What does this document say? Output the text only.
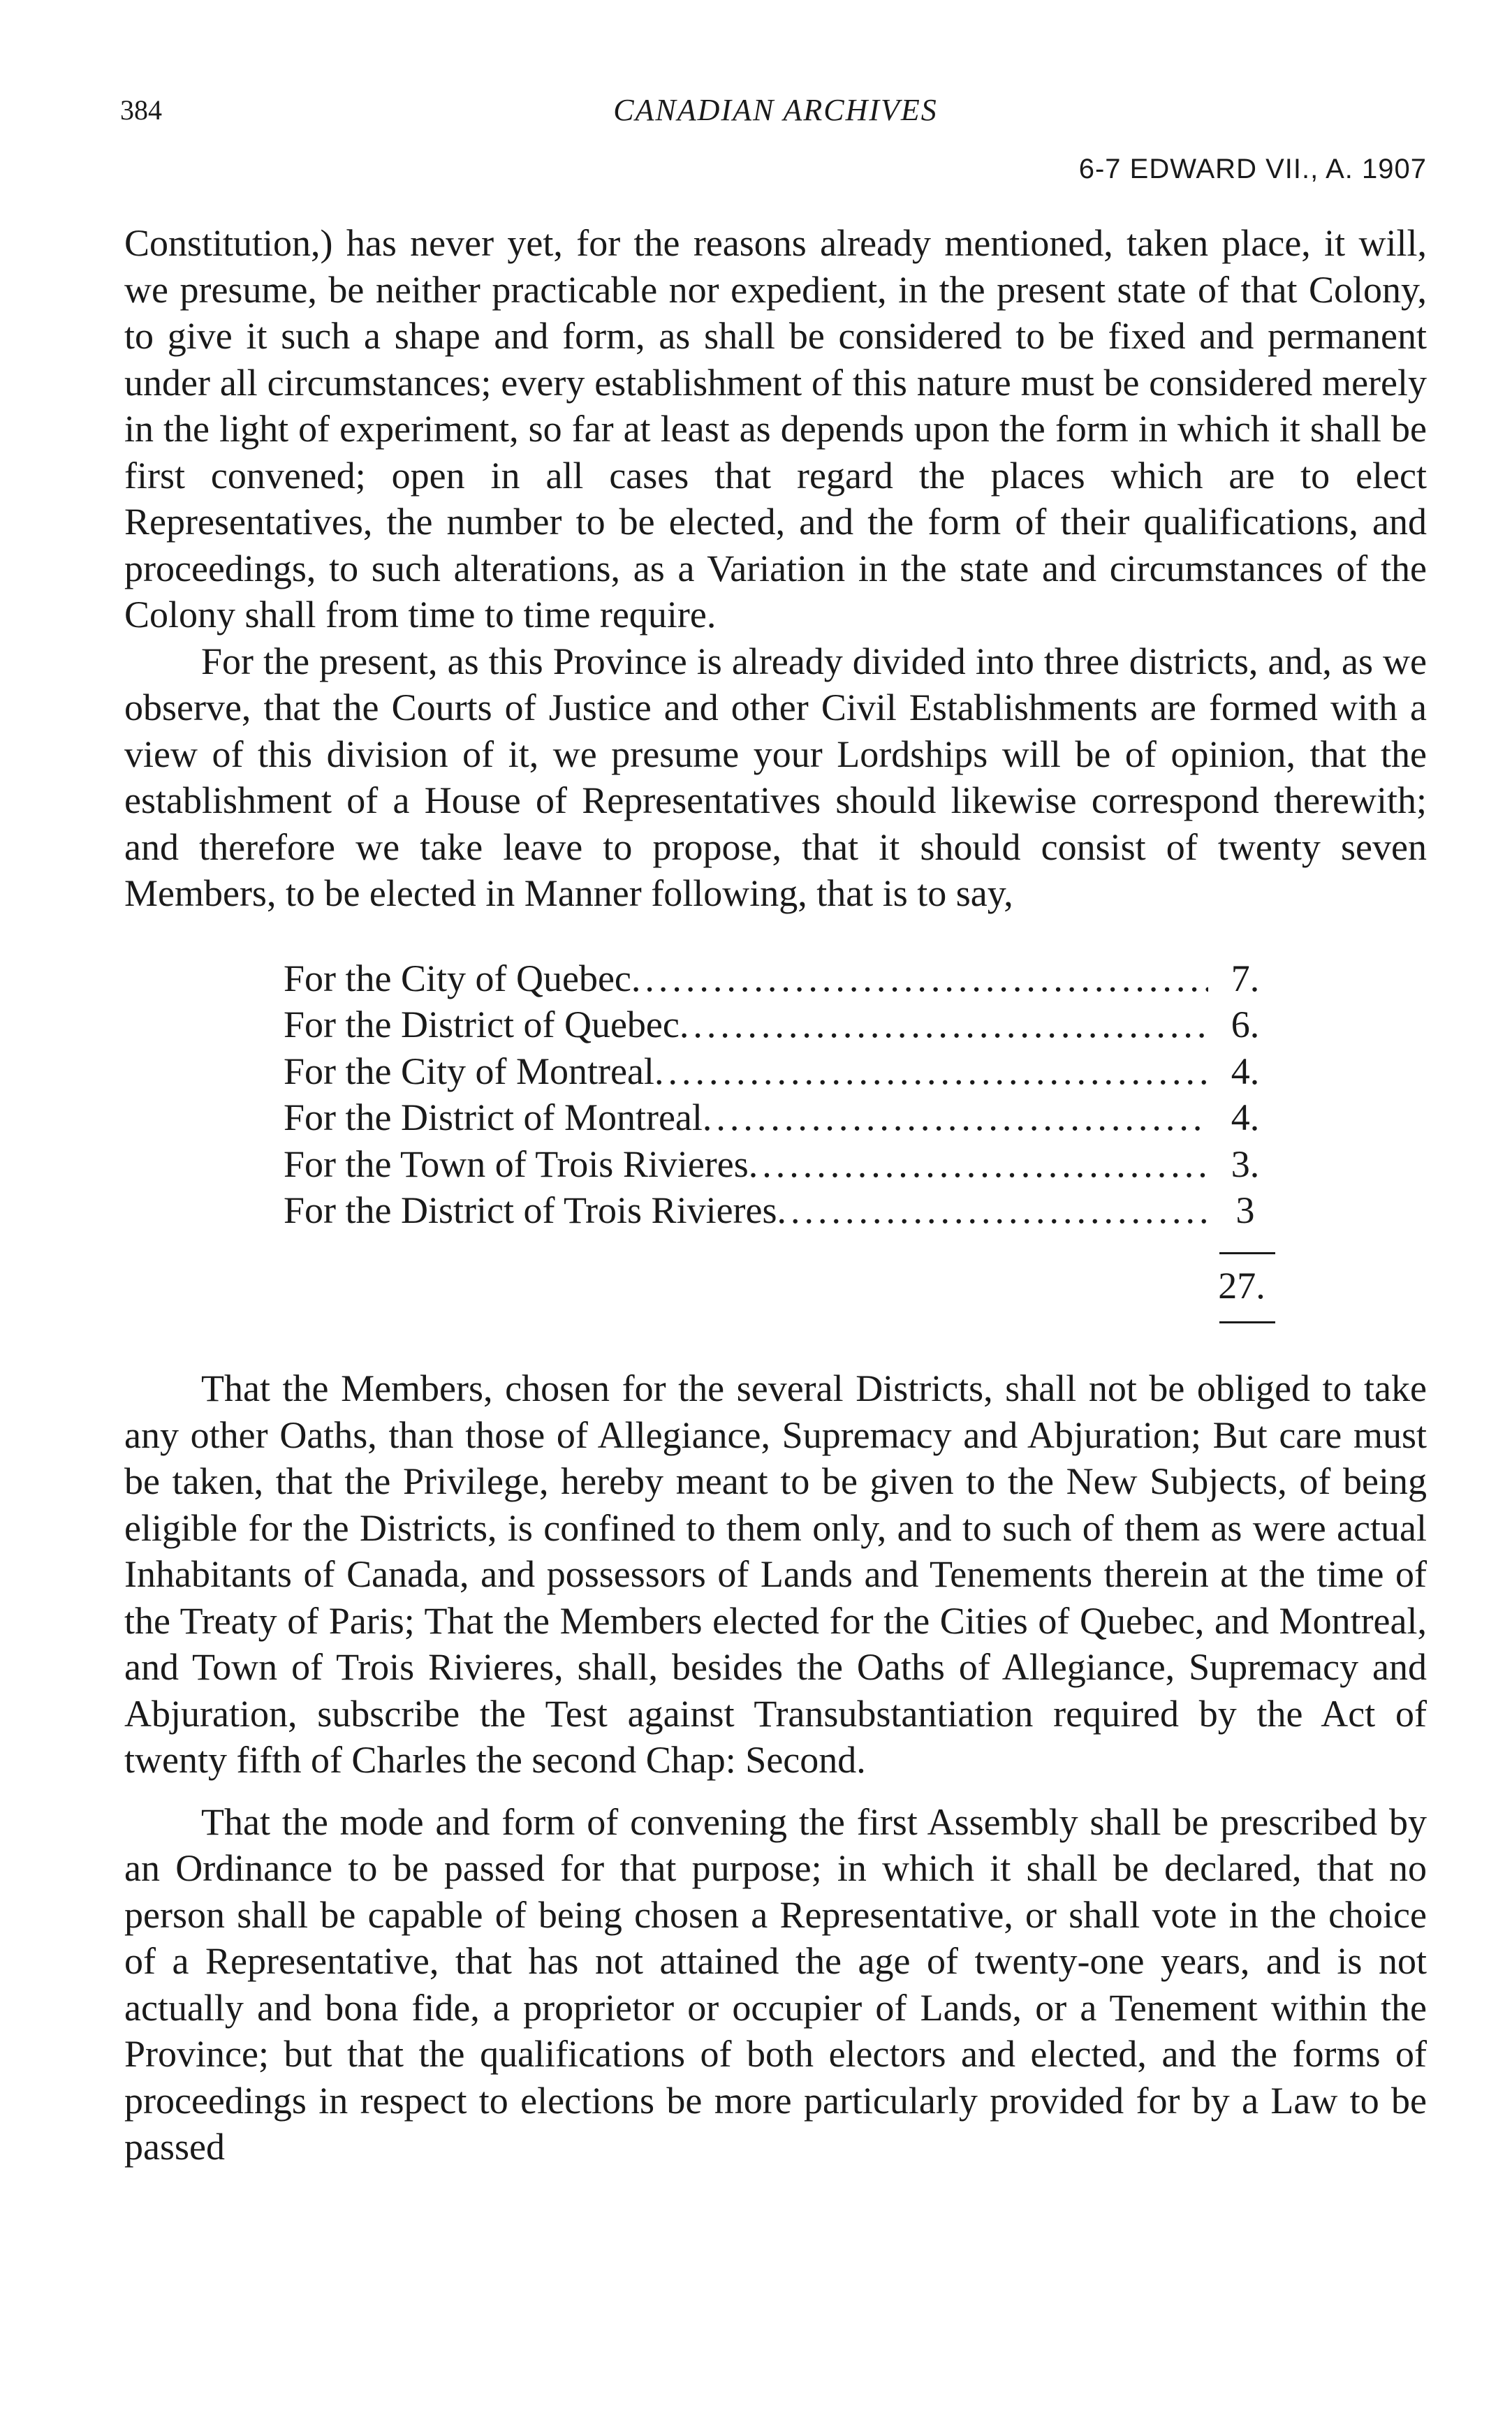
384	CANADIAN ARCHIVES
6-7 EDWARD VII., A. 1907

Constitution,) has never yet, for the reasons already mentioned, taken place, it will, we presume, be neither practicable nor expedient, in the present state of that Colony, to give it such a shape and form, as shall be considered to be fixed and permanent under all circumstances; every establishment of this nature must be considered merely in the light of experiment, so far at least as depends upon the form in which it shall be first convened; open in all cases that regard the places which are to elect Representatives, the number to be elected, and the form of their qualifications, and proceedings, to such alterations, as a Variation in the state and circumstances of the Colony shall from time to time require.

For the present, as this Province is already divided into three districts, and, as we observe, that the Courts of Justice and other Civil Establishments are formed with a view of this division of it, we presume your Lordships will be of opinion, that the establishment of a House of Representatives should likewise correspond therewith; and therefore we take leave to propose, that it should consist of twenty seven Members, to be elected in Manner following, that is to say,

For the City of Quebec .....	7.
For the District of Quebec .....	6.
For the City of Montreal .....	4.
For the District of Montreal .....	4.
For the Town of Trois Rivieres .....	3.
For the District of Trois Rivieres .....	3
27.

That the Members, chosen for the several Districts, shall not be obliged to take any other Oaths, than those of Allegiance, Supremacy and Abjuration; But care must be taken, that the Privilege, hereby meant to be given to the New Subjects, of being eligible for the Districts, is confined to them only, and to such of them as were actual Inhabitants of Canada, and possessors of Lands and Tenements therein at the time of the Treaty of Paris; That the Members elected for the Cities of Quebec, and Montreal, and Town of Trois Rivieres, shall, besides the Oaths of Allegiance, Supremacy and Abjuration, subscribe the Test against Transubstantiation required by the Act of twenty fifth of Charles the second Chap: Second.

That the mode and form of convening the first Assembly shall be prescribed by an Ordinance to be passed for that purpose; in which it shall be declared, that no person shall be capable of being chosen a Representative, or shall vote in the choice of a Representative, that has not attained the age of twenty-one years, and is not actually and bona fide, a proprietor or occupier of Lands, or a Tenement within the Province; but that the qualifications of both electors and elected, and the forms of proceedings in respect to elections be more particularly provided for by a Law to be passed
